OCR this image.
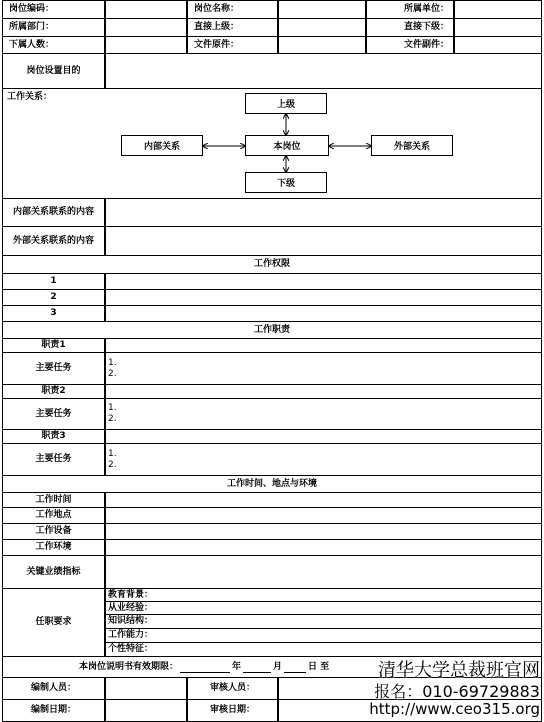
岗位编码：	岗位名称：	所属单位：
所属部门：	直接上级：	直接下级：
下属人数：	文件原件：	文件副件：
岗位设置目的
工作关系：
上级
本岗位
下级
内部关系	外部关系
内部关系联系的内容
外部关系联系的内容
工作权限
1
2
3
工作职责
职责1
主要任务
1.
2.
职责2
主要任务
1.
2.
职责3
主要任务
1.
2.
工作时间、地点与环境
工作时间
工作地点
工作设备
工作环境
关键业绩指标
任职要求
教育背景：
从业经验：
知识结构：
工作能力：
个性特征：
本岗位说明书有效期限：	年	月	日 至
编制人员：	审核人员：
编制日期：	审核日期：
清华大学总裁班官网
报名：010-69729883
http://www.ceo315.org
